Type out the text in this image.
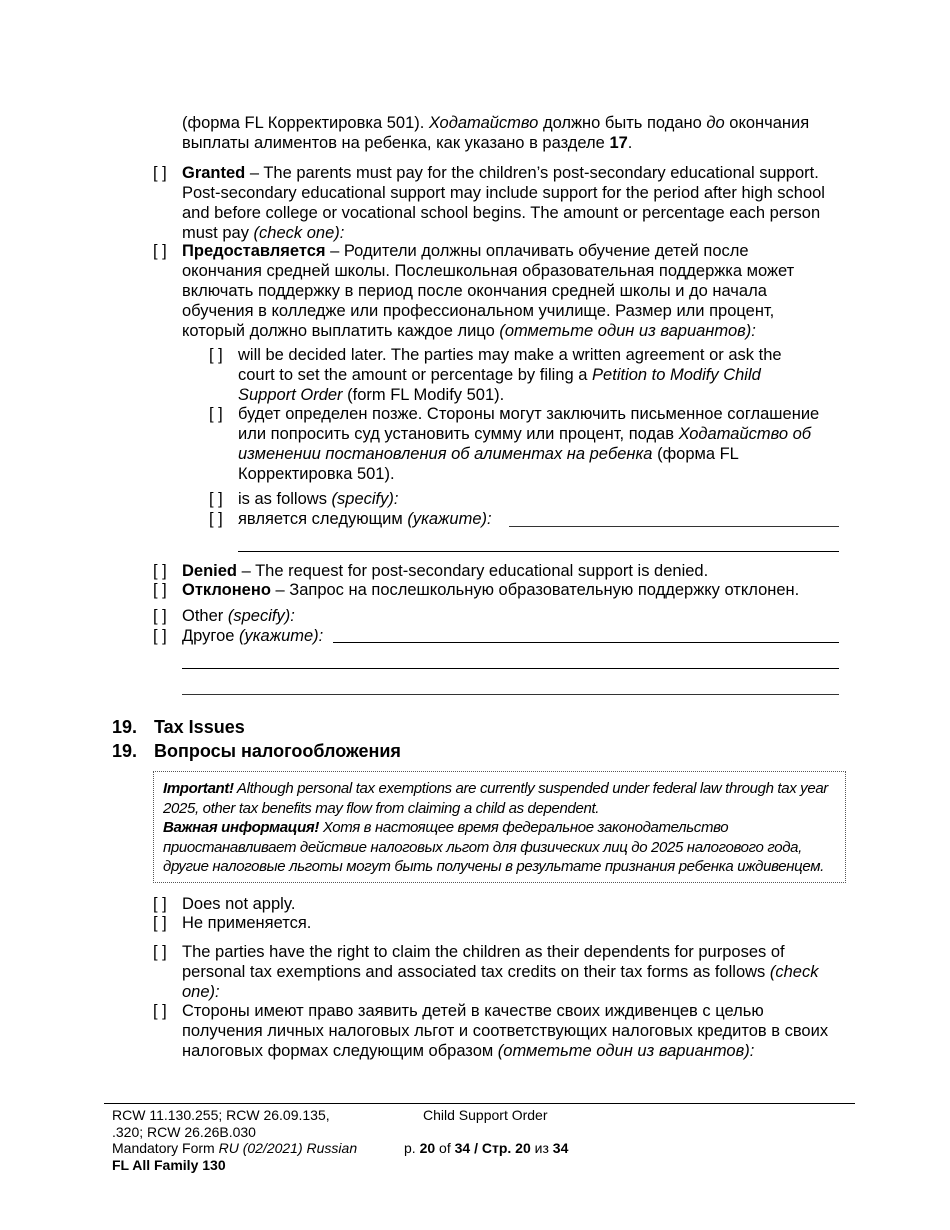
(форма FL Корректировка 501). Ходатайство должно быть подано до окончания
выплаты алиментов на ребенка, как указано в разделе 17.
[ ] Granted – The parents must pay for the children’s post-secondary educational support. Post-secondary educational support may include support for the period after high school and before college or vocational school begins. The amount or percentage each person must pay (check one):
[ ] Предоставляется – Родители должны оплачивать обучение детей после окончания средней школы. Послешкольная образовательная поддержка может включать поддержку в период после окончания средней школы и до начала обучения в колледже или профессиональном училище. Размер или процент, который должно выплатить каждое лицо (отметьте один из вариантов):
[ ] will be decided later. The parties may make a written agreement or ask the court to set the amount or percentage by filing a Petition to Modify Child Support Order (form FL Modify 501).
[ ] будет определен позже. Стороны могут заключить письменное соглашение или попросить суд установить сумму или процент, подав Ходатайство об изменении постановления об алиментах на ребенка (форма FL Корректировка 501).
[ ] is as follows (specify):
[ ] является следующим (укажите):
[ ] Denied – The request for post-secondary educational support is denied.
[ ] Отклонено – Запрос на послешкольную образовательную поддержку отклонен.
[ ] Other (specify):
[ ] Другое (укажите):
19. Tax Issues
19. Вопросы налогообложения
Important! Although personal tax exemptions are currently suspended under federal law through tax year 2025, other tax benefits may flow from claiming a child as dependent.
Важная информация! Хотя в настоящее время федеральное законодательство приостанавливает действие налоговых льгот для физических лиц до 2025 налогового года, другие налоговые льготы могут быть получены в результате признания ребенка иждивенцем.
[ ] Does not apply.
[ ] Не применяется.
[ ] The parties have the right to claim the children as their dependents for purposes of personal tax exemptions and associated tax credits on their tax forms as follows (check one):
[ ] Стороны имеют право заявить детей в качестве своих иждивенцев с целью получения личных налоговых льгот и соответствующих налоговых кредитов в своих налоговых формах следующим образом (отметьте один из вариантов):
RCW 11.130.255; RCW 26.09.135,
.320; RCW 26.26B.030
Mandatory Form RU (02/2021) Russian
FL All Family 130
Child Support Order
p. 20 of 34 / Стр. 20 из 34
